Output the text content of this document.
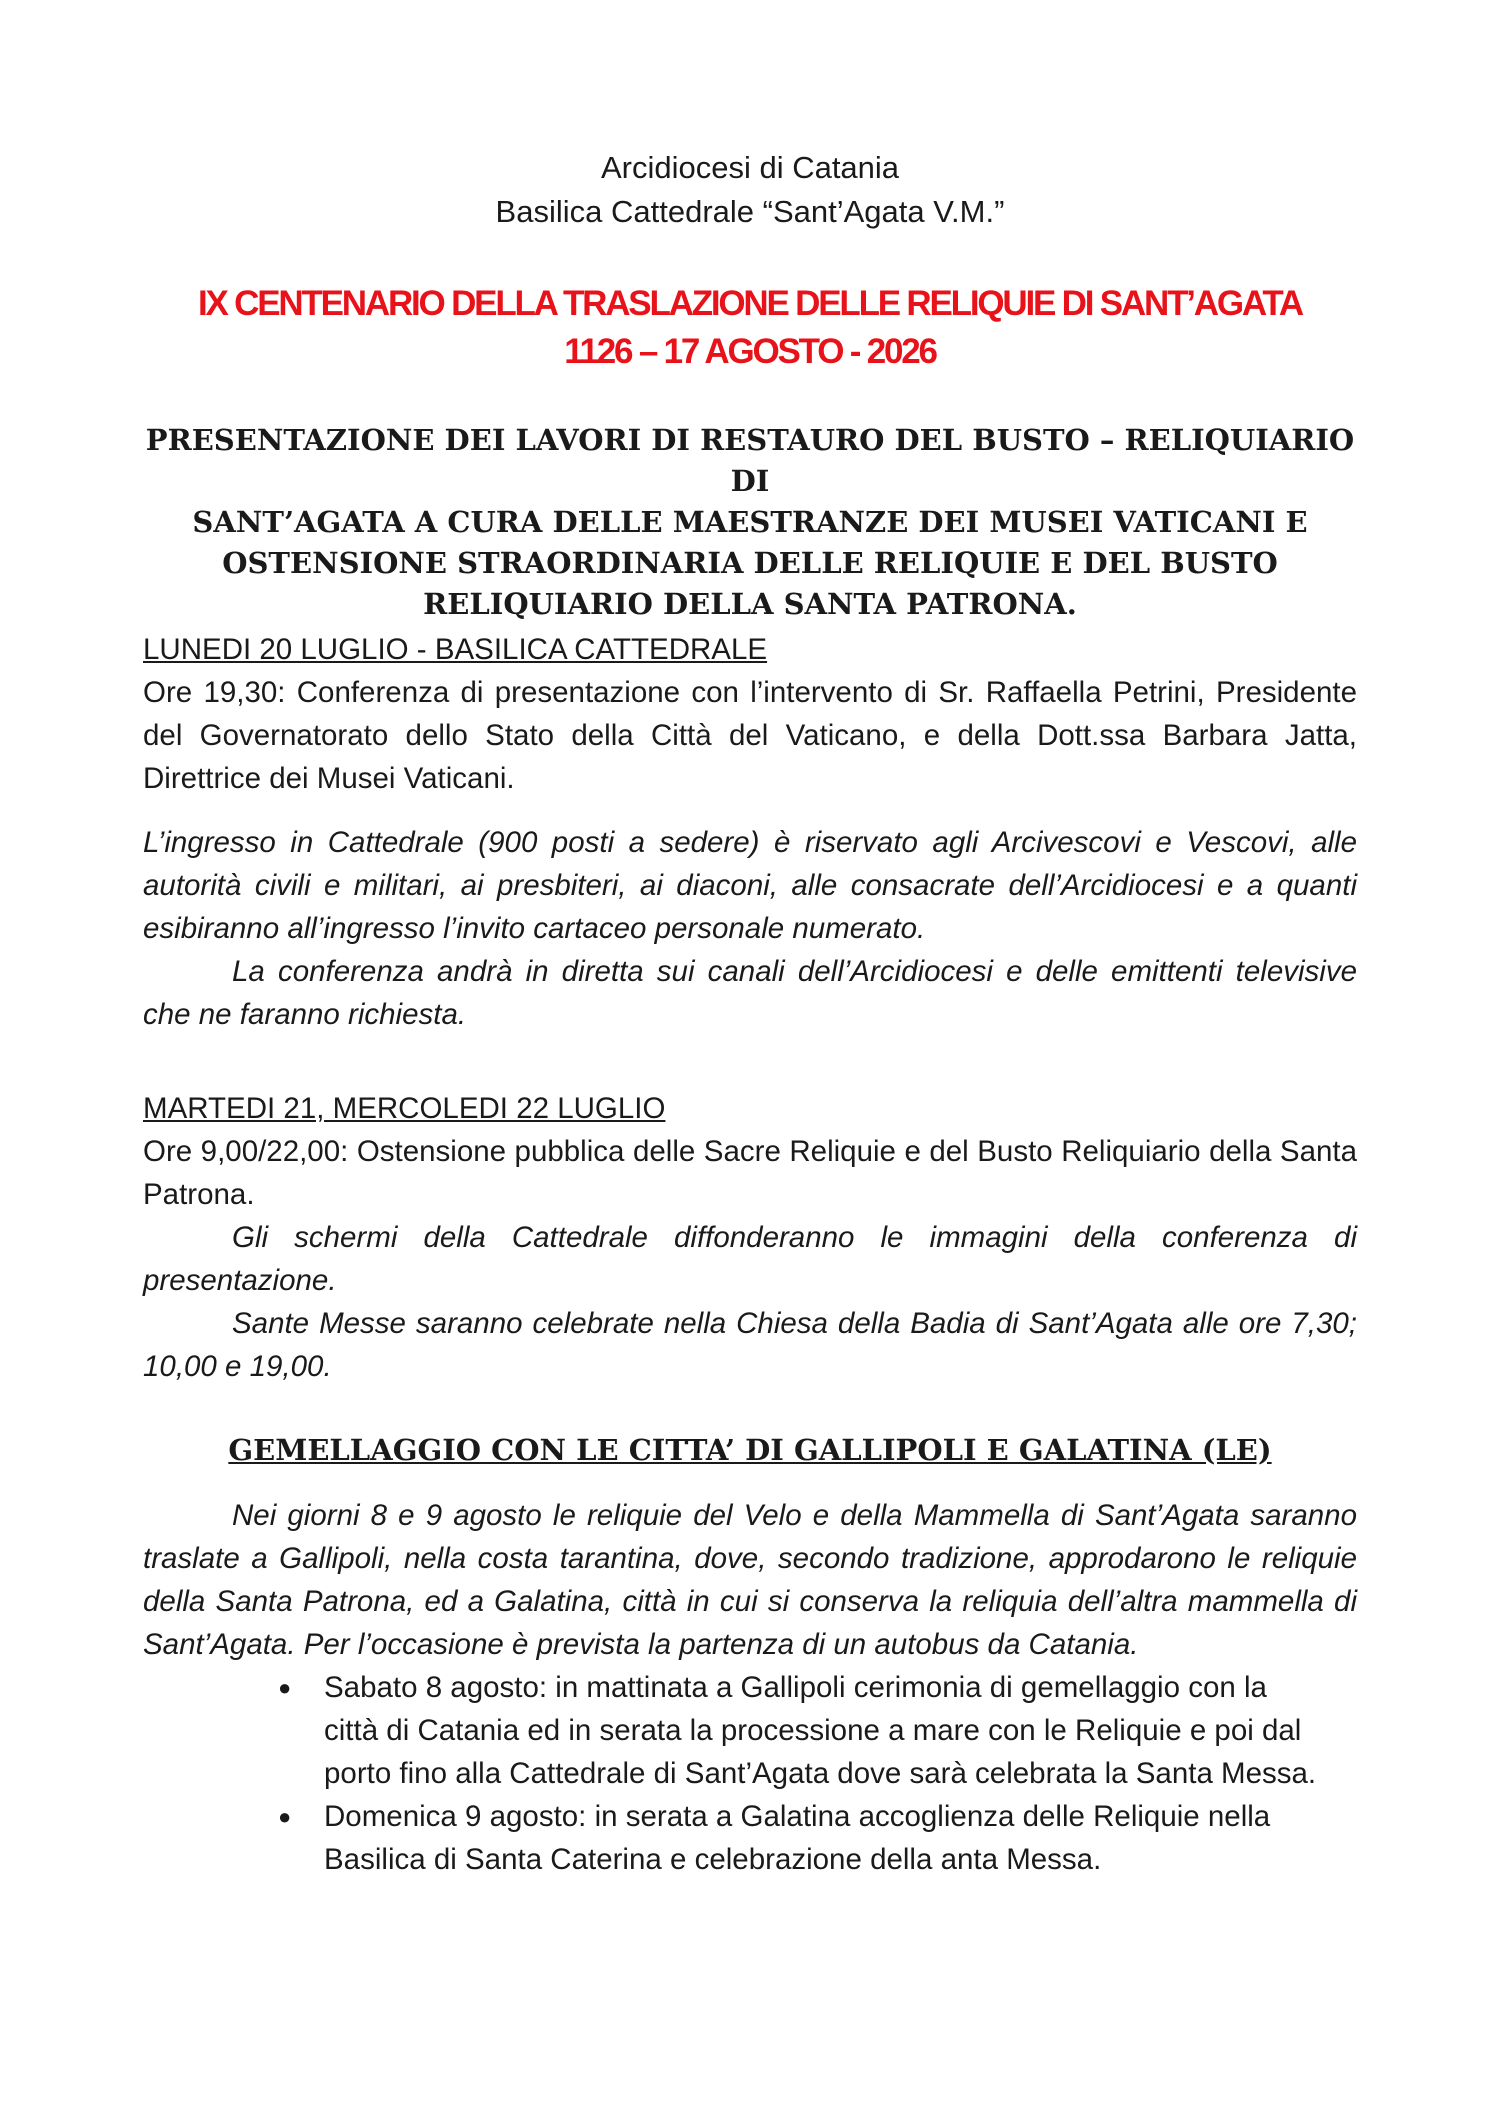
Arcidiocesi di Catania
Basilica Cattedrale “Sant’Agata V.M.”
IX CENTENARIO DELLA TRASLAZIONE DELLE RELIQUIE DI SANT’AGATA
1126 – 17 AGOSTO - 2026
PRESENTAZIONE DEI LAVORI DI RESTAURO DEL BUSTO – RELIQUIARIO DI
SANT’AGATA A CURA DELLE MAESTRANZE DEI MUSEI VATICANI E
OSTENSIONE STRAORDINARIA DELLE RELIQUIE E DEL BUSTO
RELIQUIARIO DELLA SANTA PATRONA.

LUNEDI 20 LUGLIO - BASILICA CATTEDRALE

Ore 19,30: Conferenza di presentazione con l’intervento di Sr. Raffaella Petrini, Presidente del Governatorato dello Stato della Città del Vaticano, e della Dott.ssa Barbara Jatta, Direttrice dei Musei Vaticani.

L’ingresso in Cattedrale (900 posti a sedere) è riservato agli Arcivescovi e Vescovi, alle autorità civili e militari, ai presbiteri, ai diaconi, alle consacrate dell’Arcidiocesi e a quanti esibiranno all’ingresso l’invito cartaceo personale numerato.

La conferenza andrà in diretta sui canali dell’Arcidiocesi e delle emittenti televisive che ne faranno richiesta.

MARTEDI 21, MERCOLEDI 22 LUGLIO

Ore 9,00/22,00: Ostensione pubblica delle Sacre Reliquie e del Busto Reliquiario della Santa Patrona.

Gli schermi della Cattedrale diffonderanno le immagini della conferenza di presentazione.

Sante Messe saranno celebrate nella Chiesa della Badia di Sant’Agata alle ore 7,30; 10,00 e 19,00.

GEMELLAGGIO CON LE CITTA’ DI GALLIPOLI E GALATINA (LE)

Nei giorni 8 e 9 agosto le reliquie del Velo e della Mammella di Sant’Agata saranno traslate a Gallipoli, nella costa tarantina, dove, secondo tradizione, approdarono le reliquie della Santa Patrona, ed a Galatina, città in cui si conserva la reliquia dell’altra mammella di Sant’Agata. Per l’occasione è prevista la partenza di un autobus da Catania.

● Sabato 8 agosto: in mattinata a Gallipoli cerimonia di gemellaggio con la città di Catania ed in serata la processione a mare con le Reliquie e poi dal porto fino alla Cattedrale di Sant’Agata dove sarà celebrata la Santa Messa.
● Domenica 9 agosto: in serata a Galatina accoglienza delle Reliquie nella Basilica di Santa Caterina e celebrazione della anta Messa.
